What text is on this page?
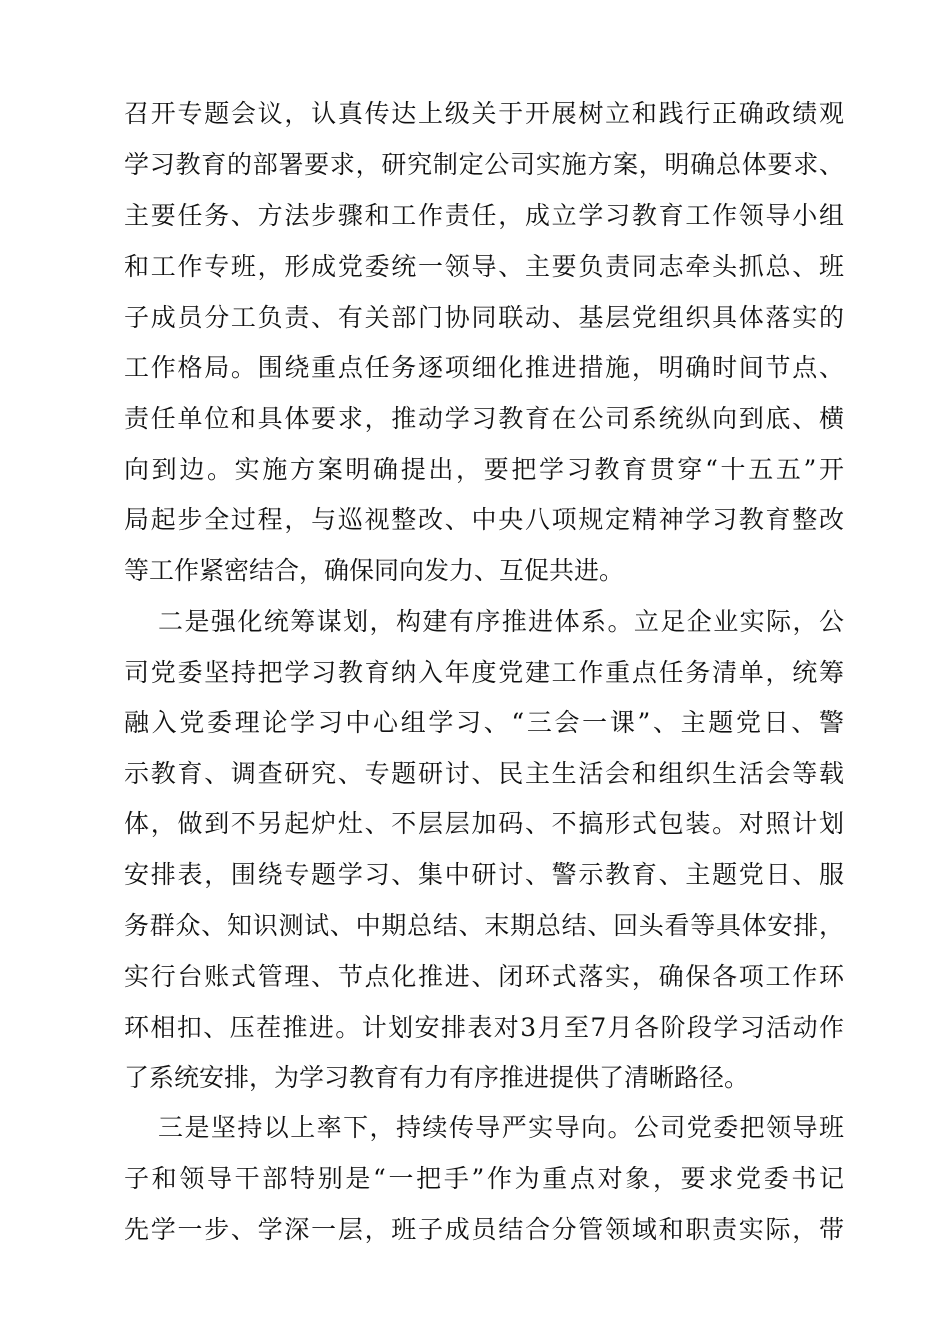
召开专题会议，认真传达上级关于开展树立和践行正确政绩观
学习教育的部署要求，研究制定公司实施方案，明确总体要求、
主要任务、方法步骤和工作责任，成立学习教育工作领导小组
和工作专班，形成党委统一领导、主要负责同志牵头抓总、班
子成员分工负责、有关部门协同联动、基层党组织具体落实的
工作格局。围绕重点任务逐项细化推进措施，明确时间节点、
责任单位和具体要求，推动学习教育在公司系统纵向到底、横
向到边。实施方案明确提出，要把学习教育贯穿“十五五”开
局起步全过程，与巡视整改、中央八项规定精神学习教育整改
等工作紧密结合，确保同向发力、互促共进。
二是强化统筹谋划，构建有序推进体系。立足企业实际，公
司党委坚持把学习教育纳入年度党建工作重点任务清单，统筹
融入党委理论学习中心组学习、“三会一课”、主题党日、警
示教育、调查研究、专题研讨、民主生活会和组织生活会等载
体，做到不另起炉灶、不层层加码、不搞形式包装。对照计划
安排表，围绕专题学习、集中研讨、警示教育、主题党日、服
务群众、知识测试、中期总结、末期总结、回头看等具体安排，
实行台账式管理、节点化推进、闭环式落实，确保各项工作环
环相扣、压茬推进。计划安排表对3月至7月各阶段学习活动作
了系统安排，为学习教育有力有序推进提供了清晰路径。
三是坚持以上率下，持续传导严实导向。公司党委把领导班
子和领导干部特别是“一把手”作为重点对象，要求党委书记
先学一步、学深一层，班子成员结合分管领域和职责实际，带
